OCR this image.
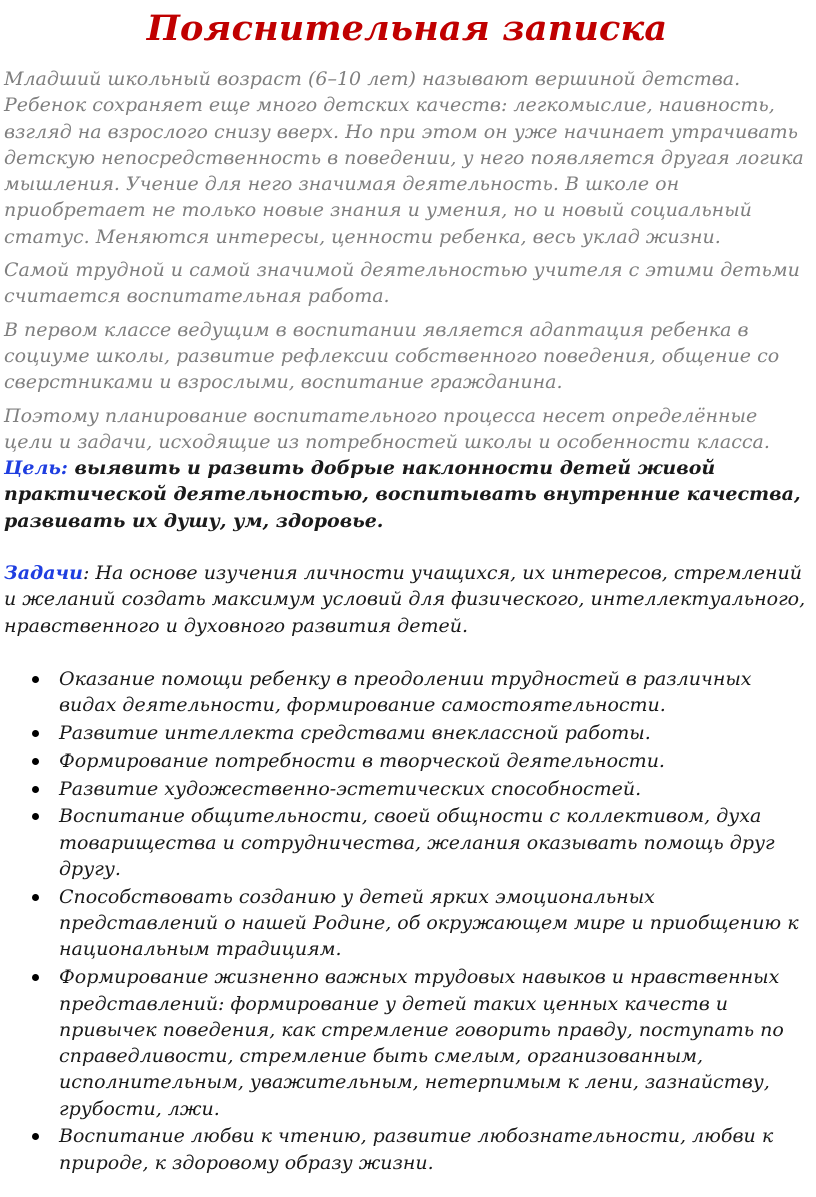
Пояснительная записка

Младший школьный возраст (6–10 лет) называют вершиной детства. Ребенок сохраняет еще много детских качеств: легкомыслие, наивность, взгляд на взрослого снизу вверх. Но при этом он уже начинает утрачивать детскую непосредственность в поведении, у него появляется другая логика мышления. Учение для него значимая деятельность. В школе он приобретает не только новые знания и умения, но и новый социальный статус. Меняются интересы, ценности ребенка, весь уклад жизни.

Самой трудной и самой значимой деятельностью учителя с этими детьми считается воспитательная работа.

В первом классе ведущим в воспитании является адаптация ребенка в социуме школы, развитие рефлексии собственного поведения, общение со сверстниками и взрослыми, воспитание гражданина.

Поэтому планирование воспитательного процесса несет определённые цели и задачи, исходящие из потребностей школы и особенности класса.

Цель: выявить и развить добрые наклонности детей живой практической деятельностью, воспитывать внутренние качества, развивать их душу, ум, здоровье.

Задачи: На основе изучения личности учащихся, их интересов, стремлений и желаний создать максимум условий для физического, интеллектуального, нравственного и духовного развития детей.

Оказание помощи ребенку в преодолении трудностей в различных видах деятельности, формирование самостоятельности.
Развитие интеллекта средствами внеклассной работы.
Формирование потребности в творческой деятельности.
Развитие художественно-эстетических способностей.
Воспитание общительности, своей общности с коллективом, духа товарищества и сотрудничества, желания оказывать помощь друг другу.
Способствовать созданию у детей ярких эмоциональных представлений о нашей Родине, об окружающем мире и приобщению к национальным традициям.
Формирование жизненно важных трудовых навыков и нравственных представлений: формирование у детей таких ценных качеств и привычек поведения, как стремление говорить правду, поступать по справедливости, стремление быть смелым, организованным, исполнительным, уважительным, нетерпимым к лени, зазнайству, грубости, лжи.
Воспитание любви к чтению, развитие любознательности, любви к природе, к здоровому образу жизни.
